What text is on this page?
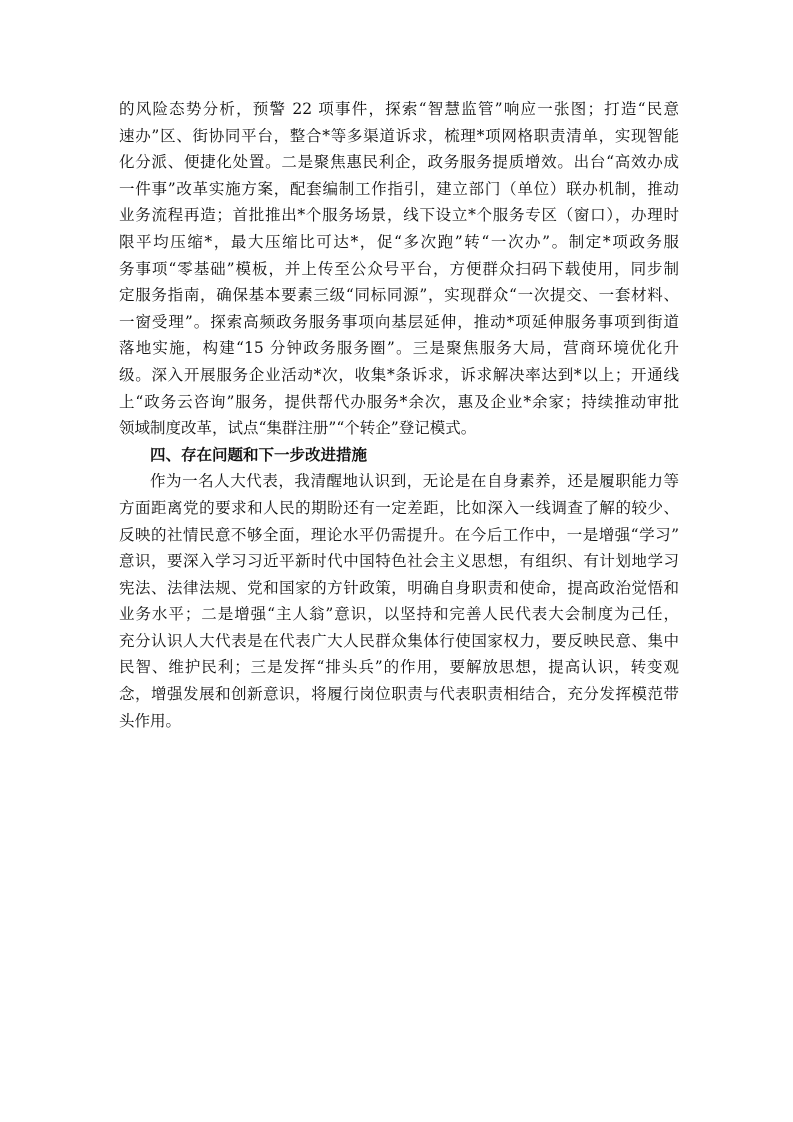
的风险态势分析，预警 22 项事件，探索“智慧监管”响应一张图；打造“民意
速办”区、街协同平台，整合*等多渠道诉求，梳理*项网格职责清单，实现智能
化分派、便捷化处置。二是聚焦惠民利企，政务服务提质增效。出台“高效办成
一件事”改革实施方案，配套编制工作指引，建立部门（单位）联办机制，推动
业务流程再造；首批推出*个服务场景，线下设立*个服务专区（窗口），办理时
限平均压缩*，最大压缩比可达*，促“多次跑”转“一次办”。制定*项政务服
务事项“零基础”模板，并上传至公众号平台，方便群众扫码下载使用，同步制
定服务指南，确保基本要素三级“同标同源”，实现群众“一次提交、一套材料、
一窗受理”。探索高频政务服务事项向基层延伸，推动*项延伸服务事项到街道
落地实施，构建“15 分钟政务服务圈”。三是聚焦服务大局，营商环境优化升
级。深入开展服务企业活动*次，收集*条诉求，诉求解决率达到*以上；开通线
上“政务云咨询”服务，提供帮代办服务*余次，惠及企业*余家；持续推动审批
领域制度改革，试点“集群注册”“个转企”登记模式。
四、存在问题和下一步改进措施
作为一名人大代表，我清醒地认识到，无论是在自身素养，还是履职能力等
方面距离党的要求和人民的期盼还有一定差距，比如深入一线调查了解的较少、
反映的社情民意不够全面，理论水平仍需提升。在今后工作中，一是增强“学习”
意识，要深入学习习近平新时代中国特色社会主义思想，有组织、有计划地学习
宪法、法律法规、党和国家的方针政策，明确自身职责和使命，提高政治觉悟和
业务水平；二是增强“主人翁”意识，以坚持和完善人民代表大会制度为己任，
充分认识人大代表是在代表广大人民群众集体行使国家权力，要反映民意、集中
民智、维护民利；三是发挥“排头兵”的作用，要解放思想，提高认识，转变观
念，增强发展和创新意识，将履行岗位职责与代表职责相结合，充分发挥模范带
头作用。
